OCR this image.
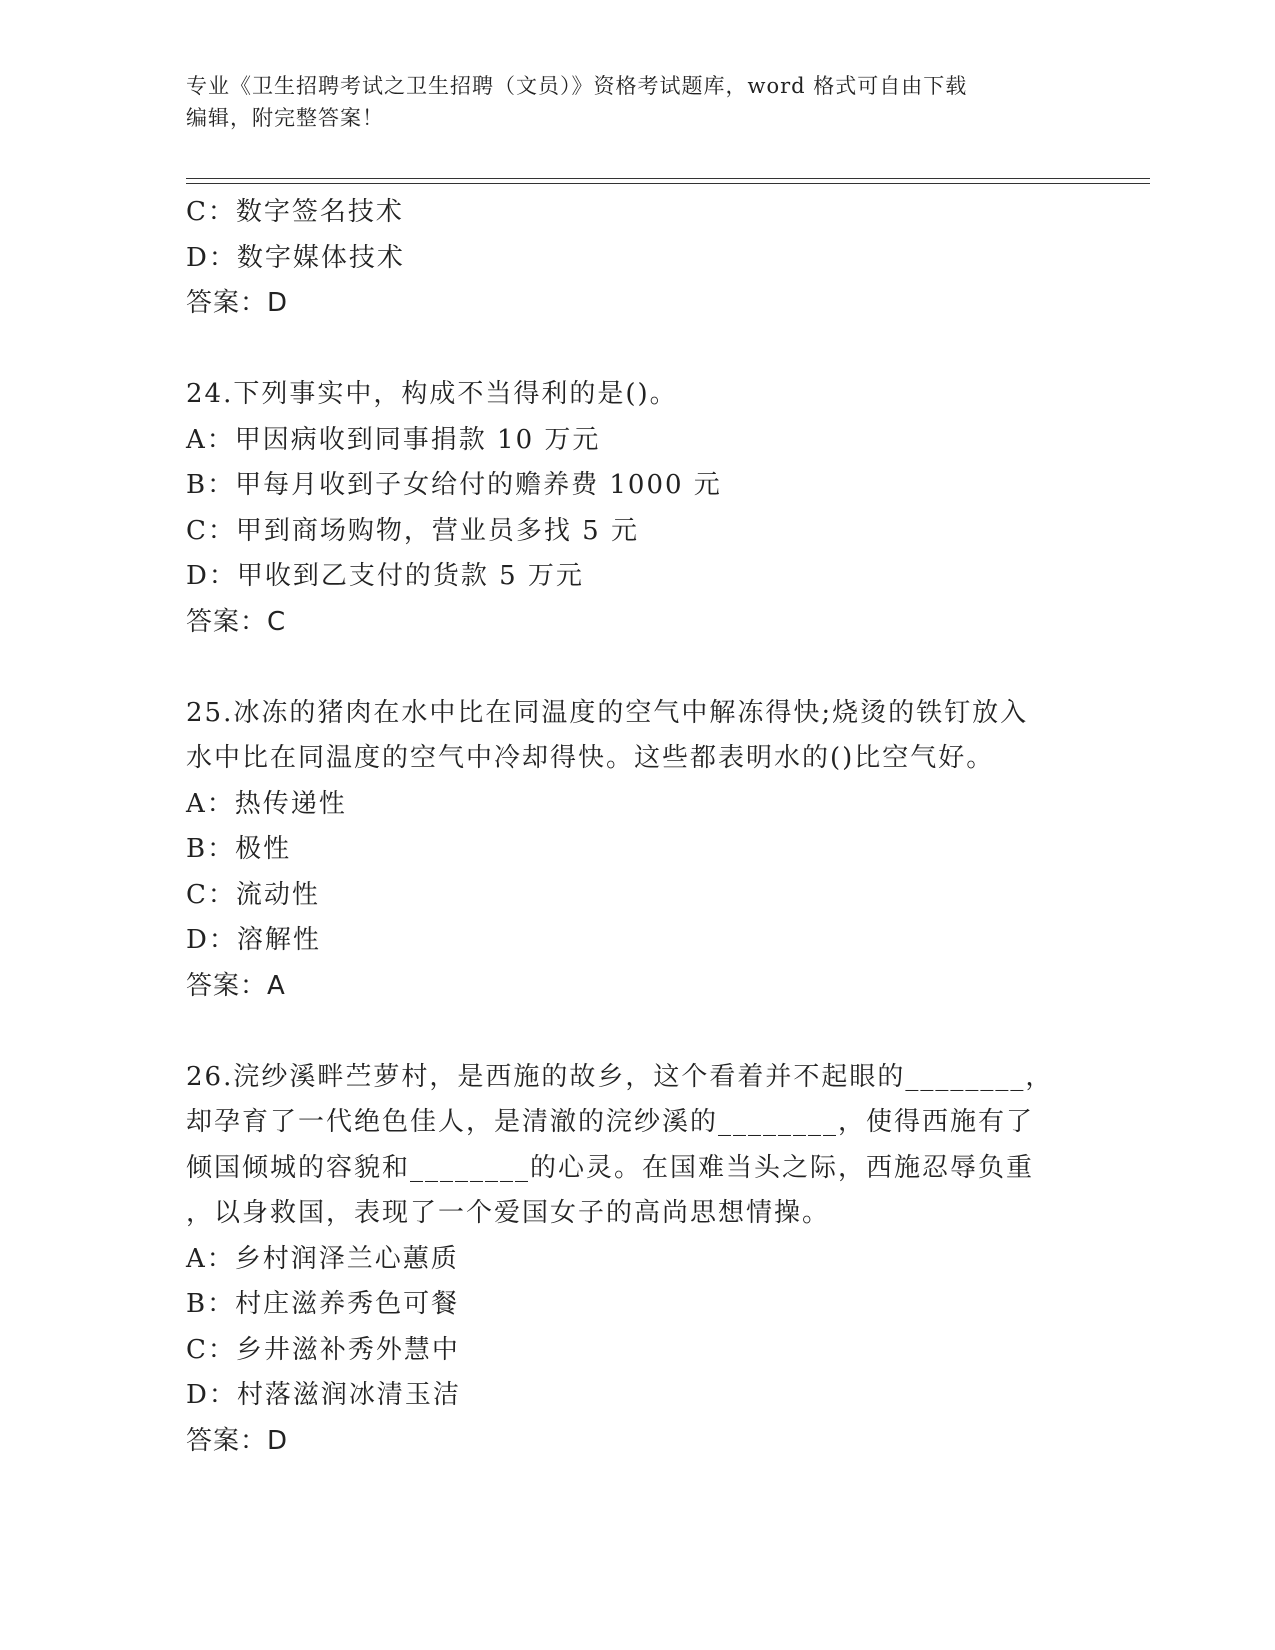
专业《卫生招聘考试之卫生招聘（文员）》资格考试题库，word 格式可自由下载
编辑，附完整答案！
C：数字签名技术
D：数字媒体技术
答案：D
24.下列事实中，构成不当得利的是()。
A：甲因病收到同事捐款 10 万元
B：甲每月收到子女给付的赡养费 1000 元
C：甲到商场购物，营业员多找 5 元
D：甲收到乙支付的货款 5 万元
答案：C
25.冰冻的猪肉在水中比在同温度的空气中解冻得快;烧烫的铁钉放入
水中比在同温度的空气中冷却得快。这些都表明水的()比空气好。
A：热传递性
B：极性
C：流动性
D：溶解性
答案：A
26.浣纱溪畔苎萝村，是西施的故乡，这个看着并不起眼的________，
却孕育了一代绝色佳人，是清澈的浣纱溪的________，使得西施有了
倾国倾城的容貌和________的心灵。在国难当头之际，西施忍辱负重
，以身救国，表现了一个爱国女子的高尚思想情操。
A：乡村润泽兰心蕙质
B：村庄滋养秀色可餐
C：乡井滋补秀外慧中
D：村落滋润冰清玉洁
答案：D
